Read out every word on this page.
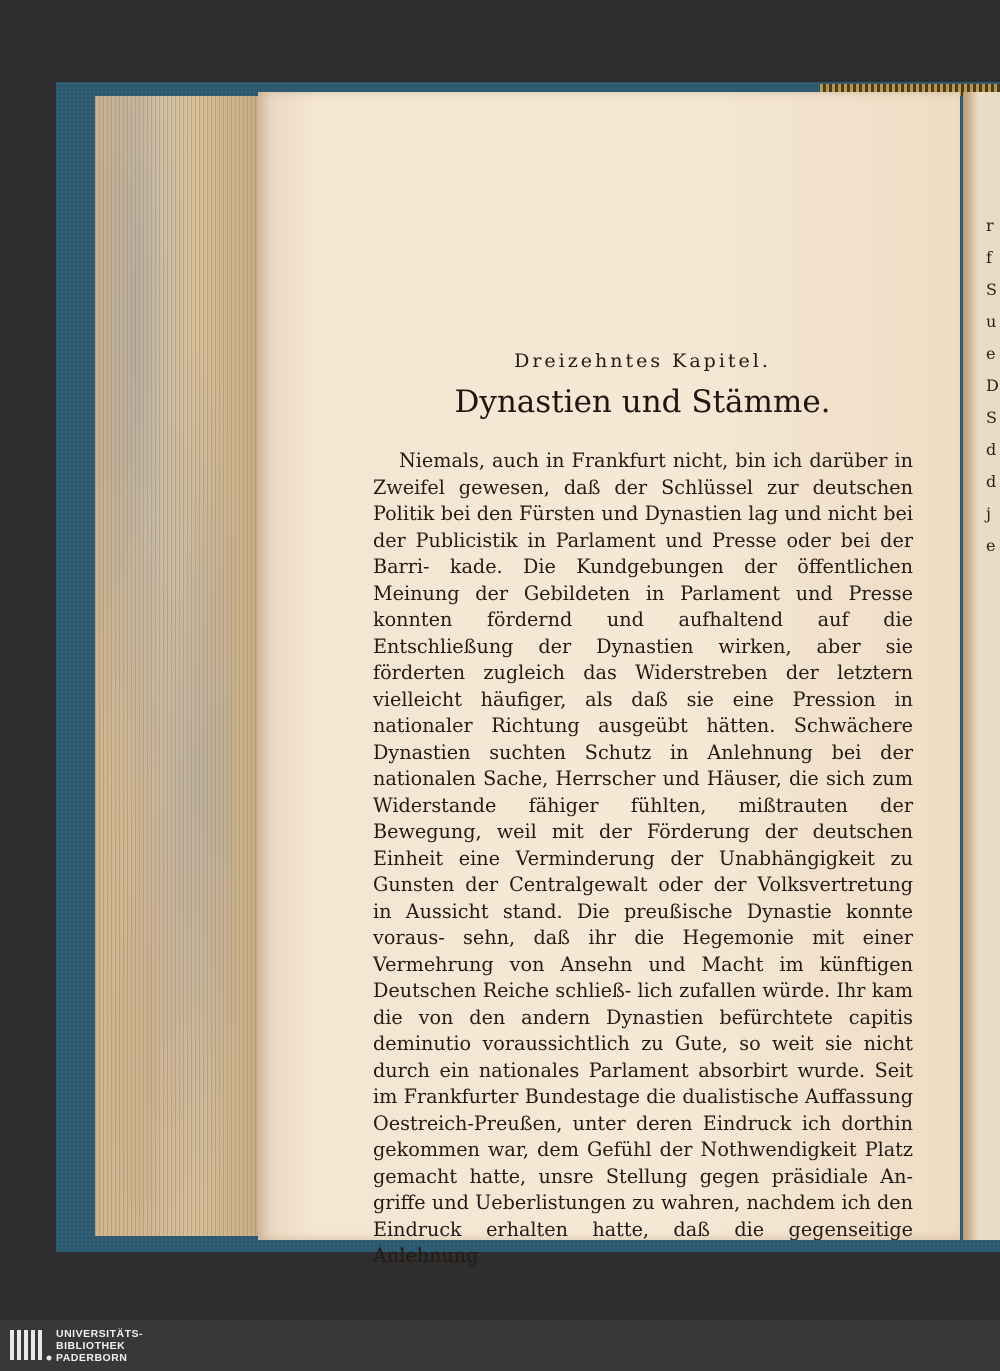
r
f
S
u
e
D
S
d
d
j
e
Dreizehntes Kapitel.
Dynastien und Stämme.
Niemals, auch in Frankfurt nicht, bin ich darüber in Zweifel gewesen, daß der Schlüssel zur deutschen Politik bei den Fürsten und Dynastien lag und nicht bei der Publicistik in Parlament und Presse oder bei der Barri- kade. Die Kundgebungen der öffentlichen Meinung der Gebildeten in Parlament und Presse konnten fördernd und aufhaltend auf die Entschließung der Dynastien wirken, aber sie förderten zugleich das Widerstreben der letztern vielleicht häufiger, als daß sie eine Pression in nationaler Richtung ausgeübt hätten. Schwächere Dynastien suchten Schutz in Anlehnung bei der nationalen Sache, Herrscher und Häuser, die sich zum Widerstande fähiger fühlten, mißtrauten der Bewegung, weil mit der Förderung der deutschen Einheit eine Verminderung der Unabhängigkeit zu Gunsten der Centralgewalt oder der Volksvertretung in Aussicht stand. Die preußische Dynastie konnte voraus- sehn, daß ihr die Hegemonie mit einer Vermehrung von Ansehn und Macht im künftigen Deutschen Reiche schließ- lich zufallen würde. Ihr kam die von den andern Dynastien befürchtete capitis deminutio voraussichtlich zu Gute, so weit sie nicht durch ein nationales Parlament absorbirt wurde. Seit im Frankfurter Bundestage die dualistische Auffassung Oestreich-Preußen, unter deren Eindruck ich dorthin gekommen war, dem Gefühl der Nothwendigkeit Platz gemacht hatte, unsre Stellung gegen präsidiale An- griffe und Ueberlistungen zu wahren, nachdem ich den Eindruck erhalten hatte, daß die gegenseitige Anlehnung
UNIVERSITÄTS-
BIBLIOTHEK
PADERBORN
